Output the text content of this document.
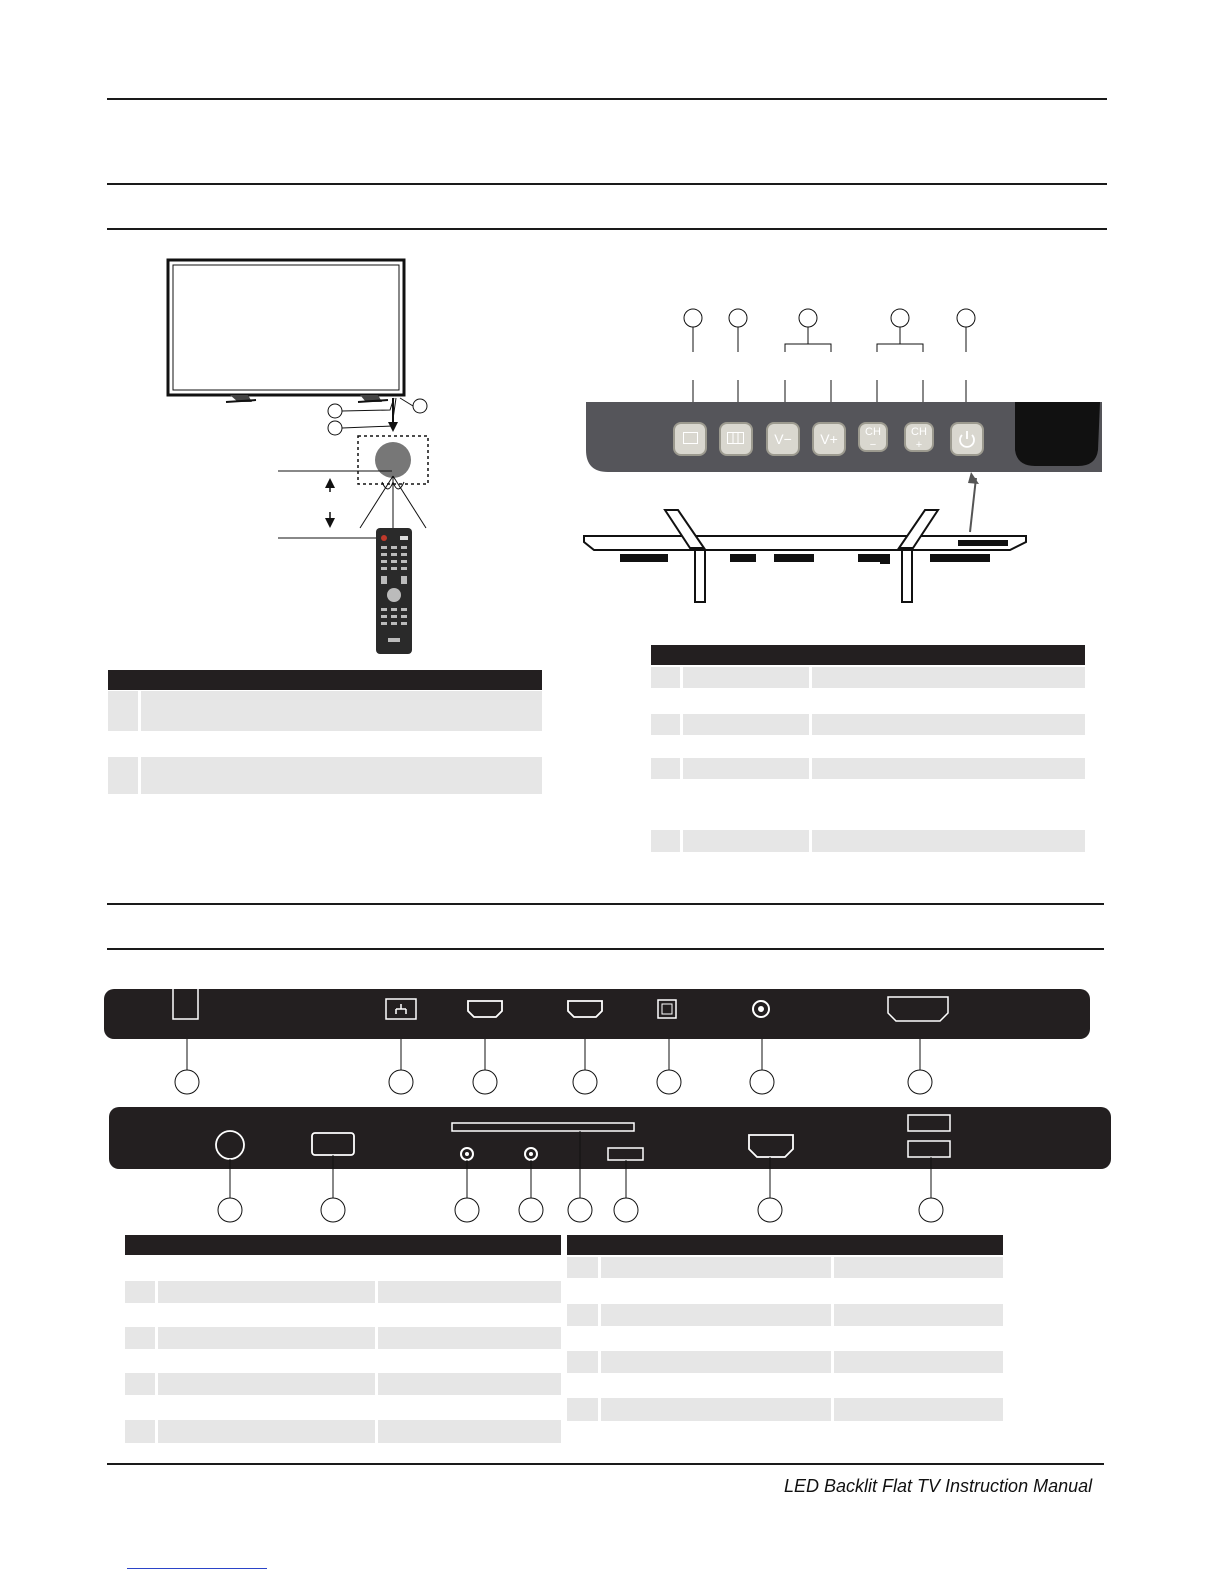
V−	V+	CH −
CH +
LED Backlit Flat TV Instruction Manual
